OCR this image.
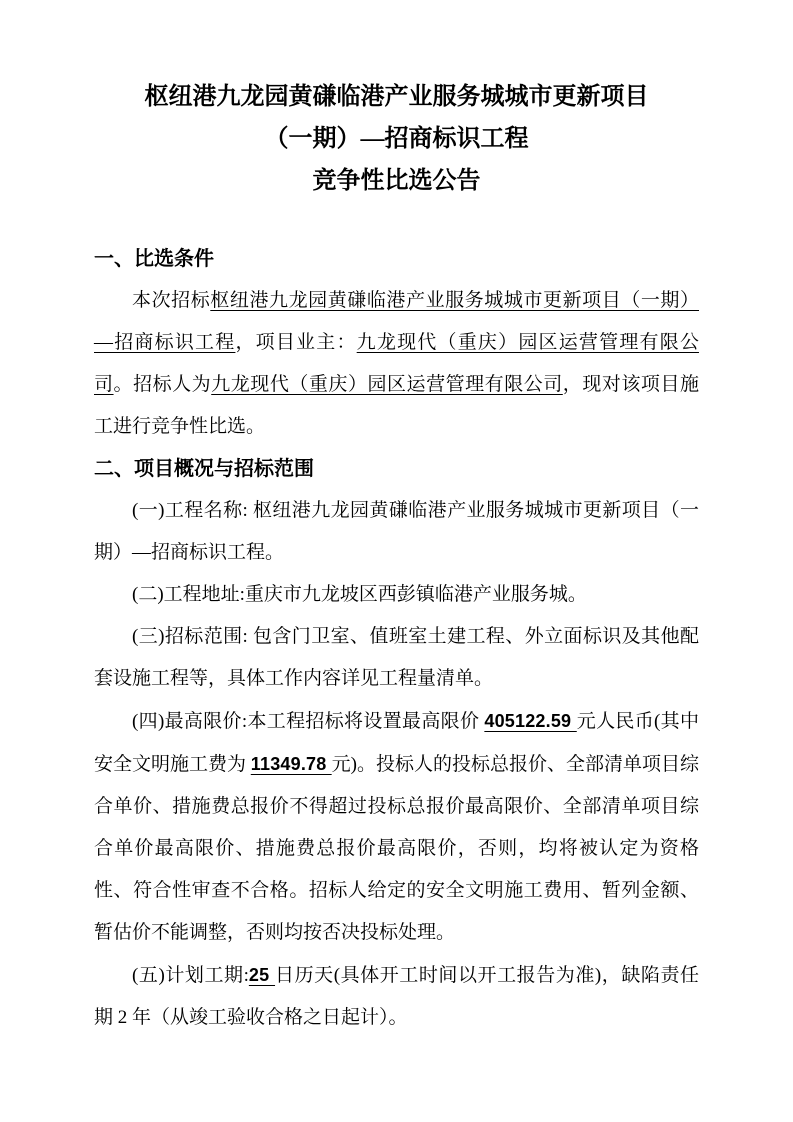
枢纽港九龙园黄磏临港产业服务城城市更新项目
（一期）—招商标识工程
竞争性比选公告
一、比选条件

本次招标枢纽港九龙园黄磏临港产业服务城城市更新项目（一期）—招商标识工程，项目业主：九龙现代（重庆）园区运营管理有限公司。招标人为九龙现代（重庆）园区运营管理有限公司，现对该项目施工进行竞争性比选。

二、项目概况与招标范围

(一)工程名称: 枢纽港九龙园黄磏临港产业服务城城市更新项目（一期）—招商标识工程。

(二)工程地址:重庆市九龙坡区西彭镇临港产业服务城。

(三)招标范围: 包含门卫室、值班室土建工程、外立面标识及其他配套设施工程等，具体工作内容详见工程量清单。

(四)最高限价:本工程招标将设置最高限价 405122.59 元人民币(其中安全文明施工费为 11349.78 元)。投标人的投标总报价、全部清单项目综合单价、措施费总报价不得超过投标总报价最高限价、全部清单项目综合单价最高限价、措施费总报价最高限价，否则，均将被认定为资格性、符合性审查不合格。招标人给定的安全文明施工费用、暂列金额、暂估价不能调整，否则均按否决投标处理。

(五)计划工期:25 日历天(具体开工时间以开工报告为准)，缺陷责任期 2 年（从竣工验收合格之日起计）。
